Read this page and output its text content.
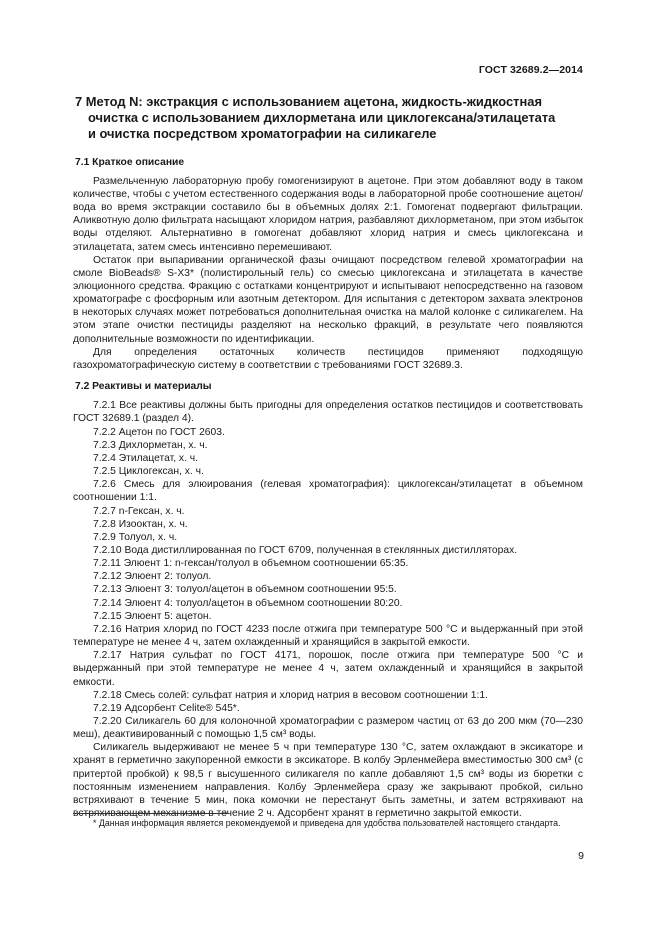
ГОСТ 32689.2—2014
7 Метод N: экстракция с использованием ацетона, жидкость-жидкостная
очистка с использованием дихлорметана или циклогексана/этилацетата
и очистка посредством хроматографии на силикагеле
7.1 Краткое описание

Размельченную лабораторную пробу гомогенизируют в ацетоне. При этом добавляют воду в таком количестве, чтобы с учетом естественного содержания воды в лабораторной пробе соотношение ацетон/вода во время экстракции составило бы в объемных долях 2:1. Гомогенат подвергают фильтрации. Аликвотную долю фильтрата насыщают хлоридом натрия, разбавляют дихлорметаном, при этом избыток воды отделяют. Альтернативно в гомогенат добавляют хлорид натрия и смесь циклогексана и этилацетата, затем смесь интенсивно перемешивают.

Остаток при выпаривании органической фазы очищают посредством гелевой хроматографии на смоле BioBeads® S-X3* (полистирольный гель) со смесью циклогексана и этилацетата в качестве элюционного средства. Фракцию с остатками концентрируют и испытывают непосредственно на газовом хроматографе с фосфорным или азотным детектором. Для испытания с детектором захвата электронов в некоторых случаях может потребоваться дополнительная очистка на малой колонке с силикагелем. На этом этапе очистки пестициды разделяют на несколько фракций, в результате чего появляются дополнительные возможности по идентификации.

Для определения остаточных количеств пестицидов применяют подходящую газохроматографическую систему в соответствии с требованиями ГОСТ 32689.3.

7.2 Реактивы и материалы

7.2.1 Все реактивы должны быть пригодны для определения остатков пестицидов и соответствовать ГОСТ 32689.1 (раздел 4).

7.2.2 Ацетон по ГОСТ 2603.

7.2.3 Дихлорметан, х. ч.

7.2.4 Этилацетат, х. ч.

7.2.5 Циклогексан, х. ч.

7.2.6 Смесь для элюирования (гелевая хроматография): циклогексан/этилацетат в объемном соотношении 1:1.

7.2.7 n-Гексан, х. ч.

7.2.8 Изооктан, х. ч.

7.2.9 Толуол, х. ч.

7.2.10 Вода дистиллированная по ГОСТ 6709, полученная в стеклянных дистилляторах.

7.2.11 Элюент 1: n-гексан/толуол в объемном соотношении 65:35.

7.2.12 Элюент 2: толуол.

7.2.13 Элюент 3: толуол/ацетон в объемном соотношении 95:5.

7.2.14 Элюент 4: толуол/ацетон в объемном соотношении 80:20.

7.2.15 Элюент 5: ацетон.

7.2.16 Натрия хлорид по ГОСТ 4233 после отжига при температуре 500 °С и выдержанный при этой температуре не менее 4 ч, затем охлажденный и хранящийся в закрытой емкости.

7.2.17 Натрия сульфат по ГОСТ 4171, порошок, после отжига при температуре 500 °С и выдержанный при этой температуре не менее 4 ч, затем охлажденный и хранящийся в закрытой емкости.

7.2.18 Смесь солей: сульфат натрия и хлорид натрия в весовом соотношении 1:1.

7.2.19 Адсорбент Celite® 545*.

7.2.20 Силикагель 60 для колоночной хроматографии с размером частиц от 63 до 200 мкм (70—230 меш), деактивированный с помощью 1,5 см³ воды.

Силикагель выдерживают не менее 5 ч при температуре 130 °С, затем охлаждают в эксикаторе и хранят в герметично закупоренной емкости в эксикаторе. В колбу Эрленмейера вместимостью 300 см³ (с притертой пробкой) к 98,5 г высушенного силикагеля по капле добавляют 1,5 см³ воды из бюретки с постоянным изменением направления. Колбу Эрленмейера сразу же закрывают пробкой, сильно встряхивают в течение 5 мин, пока комочки не перестанут быть заметны, и затем встряхивают на встряхивающем механизме в течение 2 ч. Адсорбент хранят в герметично закрытой емкости.

* Данная информация является рекомендуемой и приведена для удобства пользователей настоящего стандарта.
9
